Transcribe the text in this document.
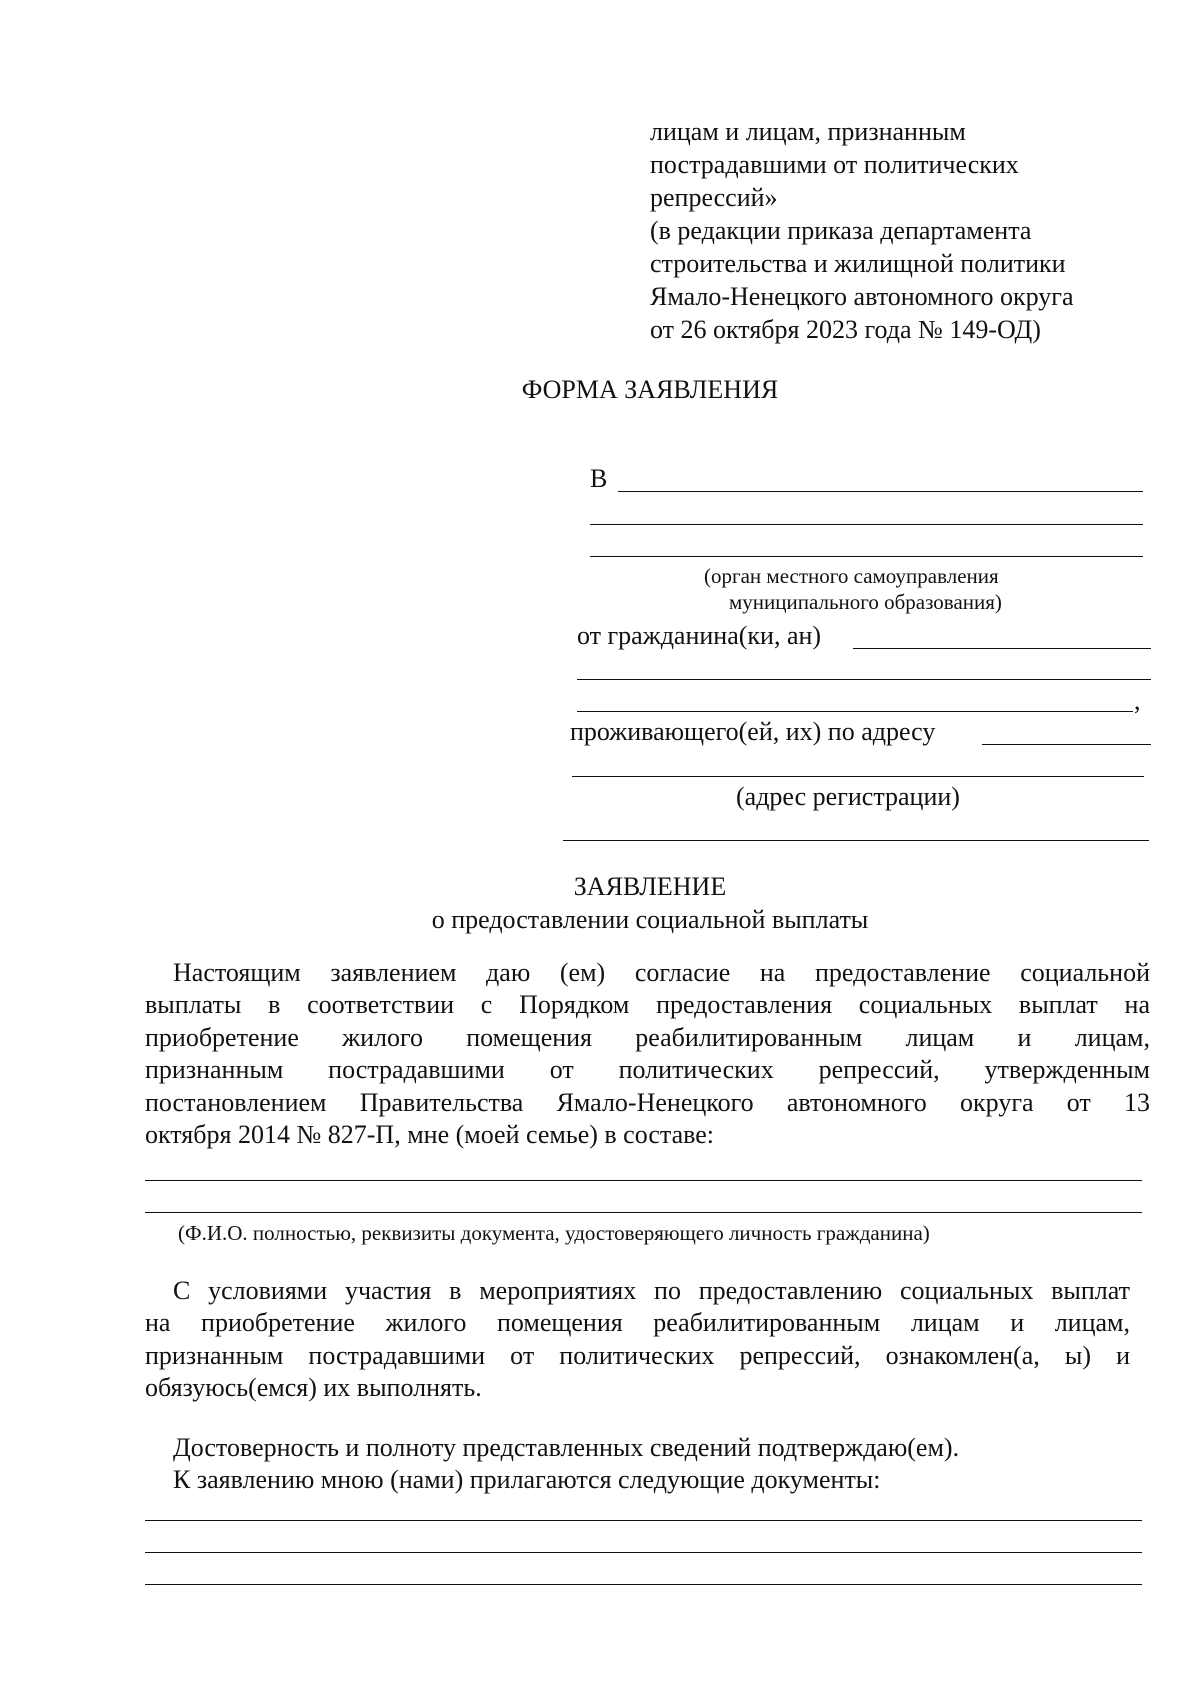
лицам и лицам, признанным
пострадавшими от политических
репрессий»
(в редакции приказа департамента
строительства и жилищной политики
Ямало-Ненецкого автономного округа
от 26 октября 2023 года № 149-ОД)
ФОРМА ЗАЯВЛЕНИЯ
В
(орган местного самоуправления
муниципального образования)
от гражданина(ки, ан)
,
проживающего(ей, их) по адресу
(адрес регистрации)
ЗАЯВЛЕНИЕ
о предоставлении социальной выплаты
Настоящим заявлением даю (ем) согласие на предоставление социальной
выплаты в соответствии с Порядком предоставления социальных выплат на
приобретение жилого помещения реабилитированным лицам и лицам,
признанным пострадавшими от политических репрессий, утвержденным
постановлением Правительства Ямало-Ненецкого автономного округа от 13
октября 2014 № 827-П, мне (моей семье) в составе:
(Ф.И.О. полностью, реквизиты документа, удостоверяющего личность гражданина)
С условиями участия в мероприятиях по предоставлению социальных выплат
на приобретение жилого помещения реабилитированным лицам и лицам,
признанным пострадавшими от политических репрессий, ознакомлен(а, ы) и
обязуюсь(емся) их выполнять.
Достоверность и полноту представленных сведений подтверждаю(ем).
К заявлению мною (нами) прилагаются следующие документы:
